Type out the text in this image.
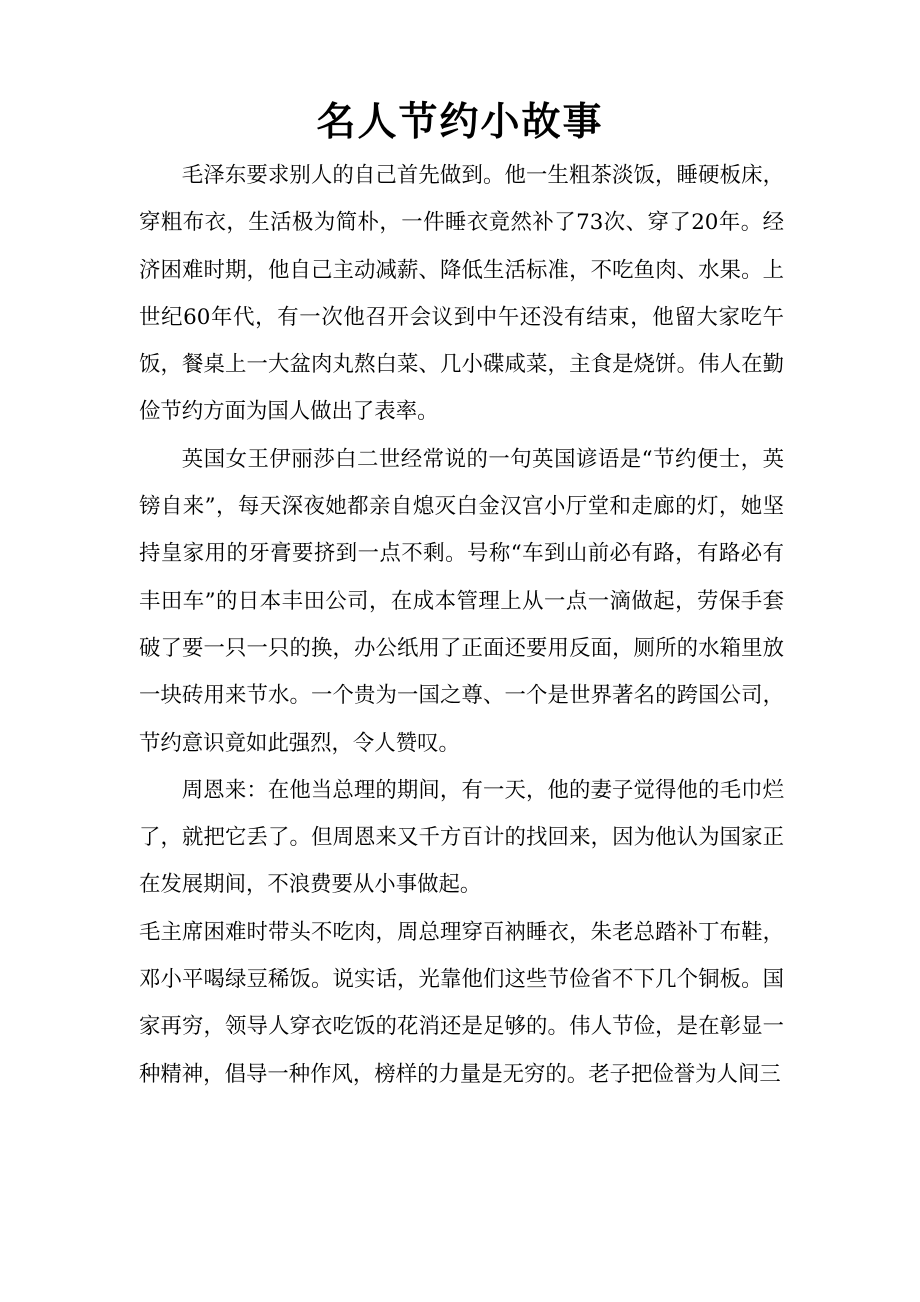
名人节约小故事

毛泽东要求别人的自己首先做到。他一生粗茶淡饭，睡硬板床，穿粗布衣，生活极为简朴，一件睡衣竟然补了73次、穿了20年。经济困难时期，他自己主动减薪、降低生活标准，不吃鱼肉、水果。上世纪60年代，有一次他召开会议到中午还没有结束，他留大家吃午饭，餐桌上一大盆肉丸熬白菜、几小碟咸菜，主食是烧饼。伟人在勤俭节约方面为国人做出了表率。

英国女王伊丽莎白二世经常说的一句英国谚语是“节约便士，英镑自来”，每天深夜她都亲自熄灭白金汉宫小厅堂和走廊的灯，她坚持皇家用的牙膏要挤到一点不剩。号称“车到山前必有路，有路必有丰田车”的日本丰田公司，在成本管理上从一点一滴做起，劳保手套破了要一只一只的换，办公纸用了正面还要用反面，厕所的水箱里放一块砖用来节水。一个贵为一国之尊、一个是世界著名的跨国公司，节约意识竟如此强烈，令人赞叹。

周恩来：在他当总理的期间，有一天，他的妻子觉得他的毛巾烂了，就把它丢了。但周恩来又千方百计的找回来，因为他认为国家正在发展期间，不浪费要从小事做起。

毛主席困难时带头不吃肉，周总理穿百衲睡衣，朱老总踏补丁布鞋，邓小平喝绿豆稀饭。说实话，光靠他们这些节俭省不下几个铜板。国家再穷，领导人穿衣吃饭的花消还是足够的。伟人节俭，是在彰显一种精神，倡导一种作风，榜样的力量是无穷的。老子把俭誉为人间三
